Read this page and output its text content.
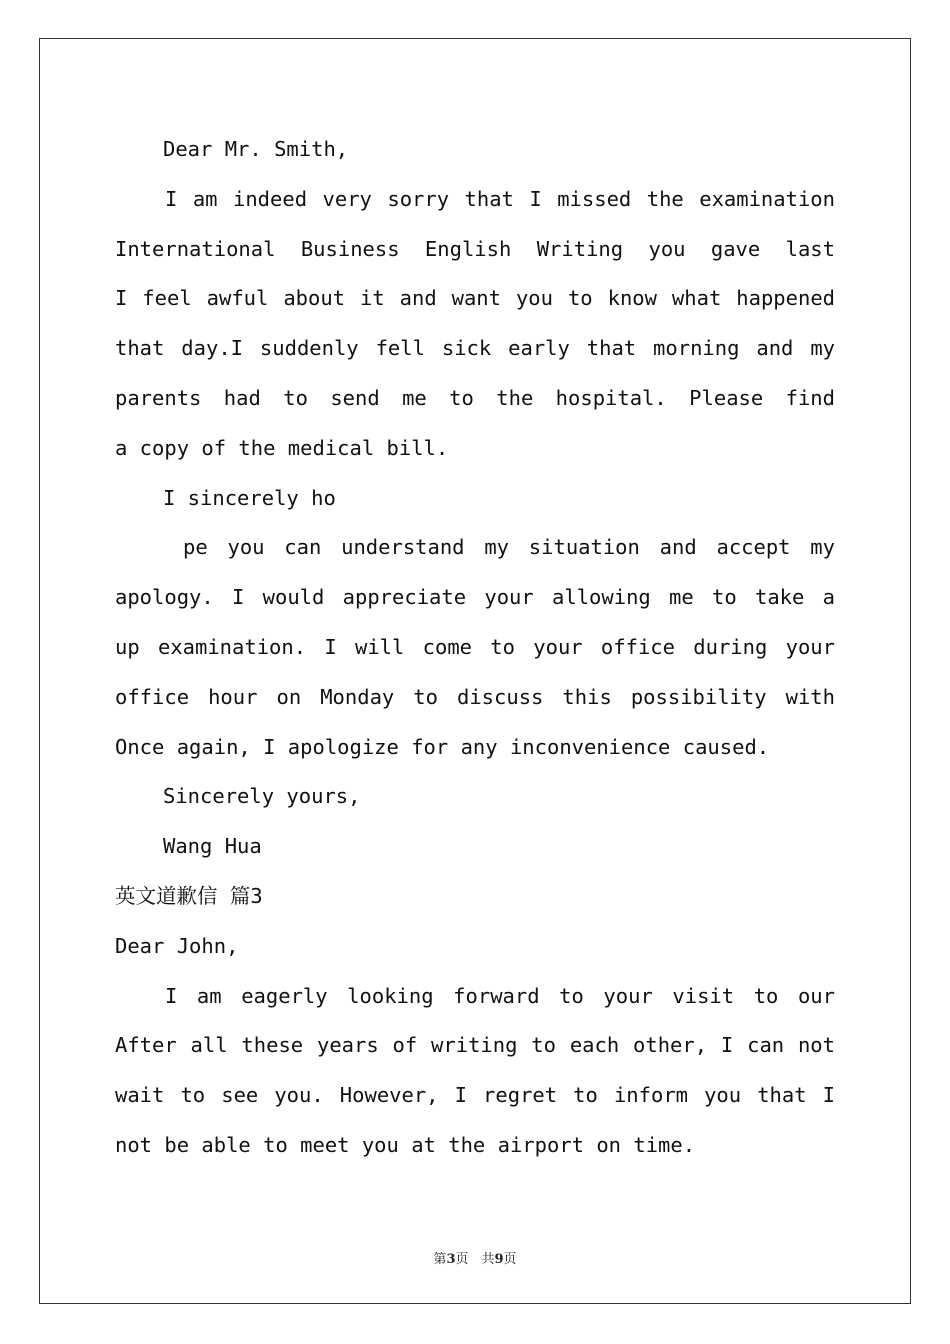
Dear Mr. Smith,
I am indeed very sorry that I missed the examination
International Business English Writing you gave last
I feel awful about it and want you to know what happened
that day.I suddenly fell sick early that morning and my
parents had to send me to the hospital. Please find
a copy of the medical bill.
I sincerely ho
pe you can understand my situation and accept my
apology. I would appreciate your allowing me to take a
up examination. I will come to your office during your
office hour on Monday to discuss this possibility with
Once again, I apologize for any inconvenience caused.
Sincerely yours,
Wang Hua
英文道歉信 篇3
Dear John,
I am eagerly looking forward to your visit to our
After all these years of writing to each other, I can not
wait to see you. However, I regret to inform you that I
not be able to meet you at the airport on time.
第3页　共9页
